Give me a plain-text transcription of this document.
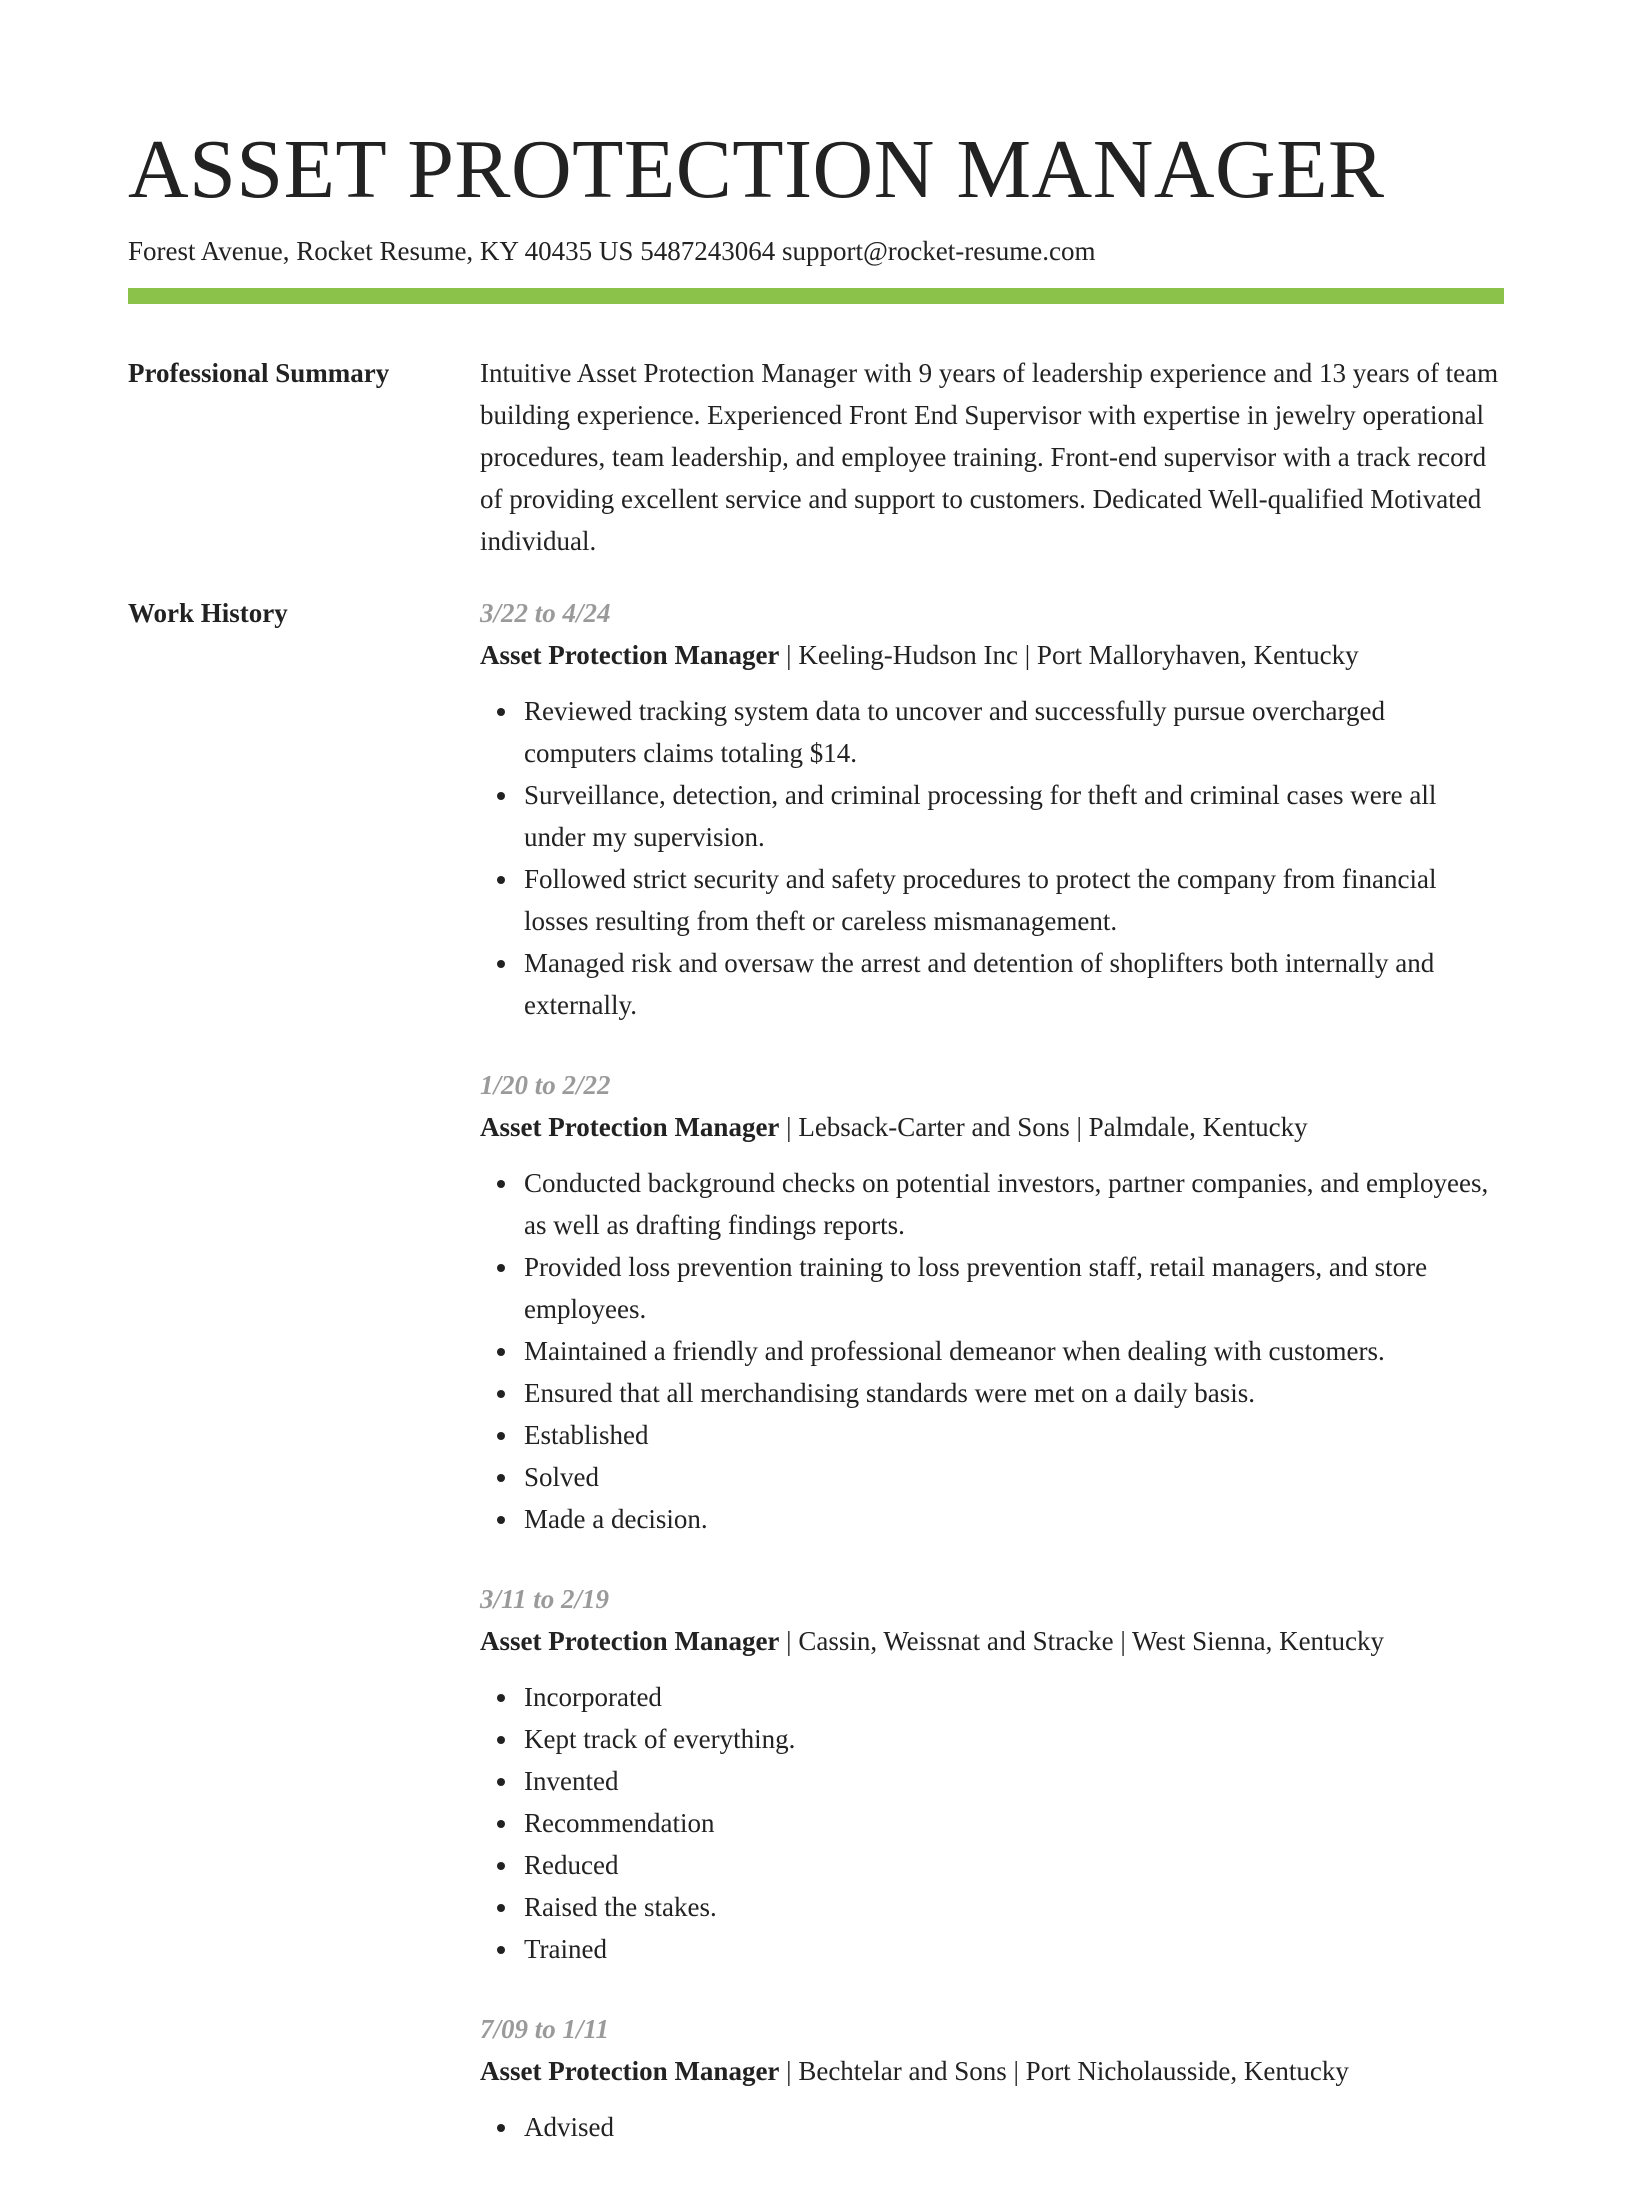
ASSET PROTECTION MANAGER
Forest Avenue, Rocket Resume, KY 40435 US 5487243064 support@rocket-resume.com
Professional Summary	Intuitive Asset Protection Manager with 9 years of leadership experience and 13 years of team building experience. Experienced Front End Supervisor with expertise in jewelry operational procedures, team leadership, and employee training. Front-end supervisor with a track record of providing excellent service and support to customers. Dedicated Well-qualified Motivated individual.

Work History	3/22 to 4/24
Asset Protection Manager | Keeling-Hudson Inc | Port Malloryhaven, Kentucky
Reviewed tracking system data to uncover and successfully pursue overcharged computers claims totaling $14.
Surveillance, detection, and criminal processing for theft and criminal cases were all under my supervision.
Followed strict security and safety procedures to protect the company from financial losses resulting from theft or careless mismanagement.
Managed risk and oversaw the arrest and detention of shoplifters both internally and externally.
1/20 to 2/22
Asset Protection Manager | Lebsack-Carter and Sons | Palmdale, Kentucky
Conducted background checks on potential investors, partner companies, and employees, as well as drafting findings reports.
Provided loss prevention training to loss prevention staff, retail managers, and store employees.
Maintained a friendly and professional demeanor when dealing with customers.
Ensured that all merchandising standards were met on a daily basis.
Established
Solved
Made a decision.
3/11 to 2/19
Asset Protection Manager | Cassin, Weissnat and Stracke | West Sienna, Kentucky
Incorporated
Kept track of everything.
Invented
Recommendation
Reduced
Raised the stakes.
Trained
7/09 to 1/11
Asset Protection Manager | Bechtelar and Sons | Port Nicholausside, Kentucky
Advised
